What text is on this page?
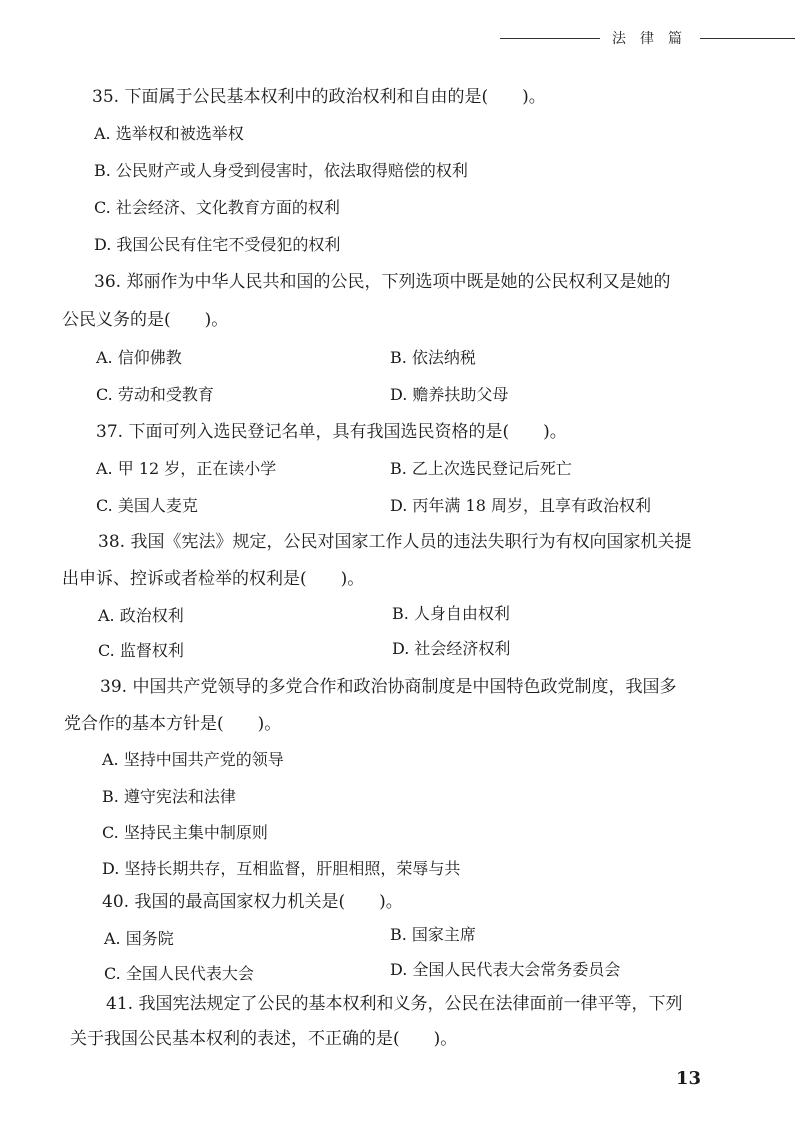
法律篇
35. 下面属于公民基本权利中的政治权利和自由的是(　　)。
A. 选举权和被选举权
B. 公民财产或人身受到侵害时，依法取得赔偿的权利
C. 社会经济、文化教育方面的权利
D. 我国公民有住宅不受侵犯的权利
36. 郑丽作为中华人民共和国的公民，下列选项中既是她的公民权利又是她的
公民义务的是(　　)。
A. 信仰佛教	B. 依法纳税
C. 劳动和受教育	D. 赡养扶助父母
37. 下面可列入选民登记名单，具有我国选民资格的是(　　)。
A. 甲 12 岁，正在读小学	B. 乙上次选民登记后死亡
C. 美国人麦克	D. 丙年满 18 周岁，且享有政治权利
38. 我国《宪法》规定，公民对国家工作人员的违法失职行为有权向国家机关提
出申诉、控诉或者检举的权利是(　　)。
A. 政治权利	B. 人身自由权利
C. 监督权利	D. 社会经济权利
39. 中国共产党领导的多党合作和政治协商制度是中国特色政党制度，我国多
党合作的基本方针是(　　)。
A. 坚持中国共产党的领导
B. 遵守宪法和法律
C. 坚持民主集中制原则
D. 坚持长期共存，互相监督，肝胆相照，荣辱与共
40. 我国的最高国家权力机关是(　　)。
A. 国务院	B. 国家主席
C. 全国人民代表大会	D. 全国人民代表大会常务委员会
41. 我国宪法规定了公民的基本权利和义务，公民在法律面前一律平等，下列
关于我国公民基本权利的表述，不正确的是(　　)。
13
